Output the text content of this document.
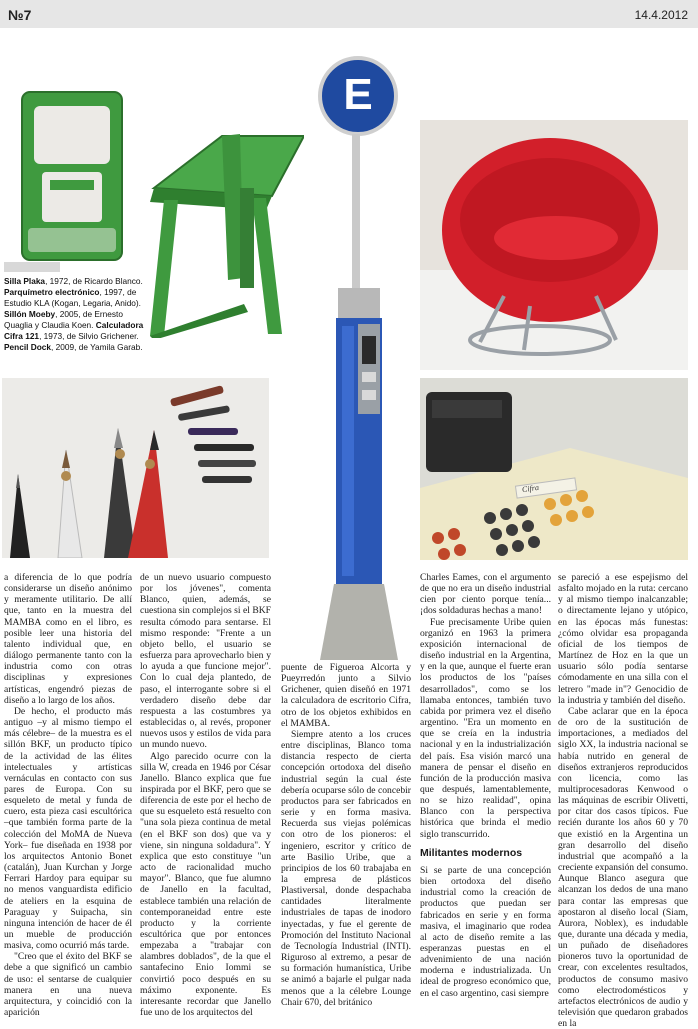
№7	14.4.2012
Silla Plaka, 1972, de Ricardo Blanco. Parquímetro electrónico, 1997, de Estudio KLA (Kogan, Legaria, Anido). Sillón Moeby, 2005, de Ernesto Quaglia y Claudia Koen. Calculadora Cifra 121, 1973, de Silvio Grichener. Pencil Dock, 2009, de Yamila Garab.
E
Cifra

a diferencia de lo que podría considerarse un diseño anónimo y meramente utilitario. De allí que, tanto en la muestra del MAMBA como en el libro, es posible leer una historia del talento individual que, en diálogo permanente tanto con la industria como con otras disciplinas y expresiones artísticas, engendró piezas de diseño a lo largo de los años.

De hecho, el producto más antiguo –y al mismo tiempo el más célebre– de la muestra es el sillón BKF, un producto típico de la actividad de las élites intelectuales y artísticas vernáculas en contacto con sus pares de Europa. Con su esqueleto de metal y funda de cuero, esta pieza casi escultórica –que también forma parte de la colección del MoMA de Nueva York– fue diseñada en 1938 por los arquitectos Antonio Bonet (catalán), Juan Kurchan y Jorge Ferrari Hardoy para equipar su no menos vanguardista edificio de ateliers en la esquina de Paraguay y Suipacha, sin ninguna intención de hacer de él un mueble de producción masiva, como ocurrió más tarde.

"Creo que el éxito del BKF se debe a que significó un cambio de uso: el sentarse de cualquier manera en una nueva arquitectura, y coincidió con la aparición

de un nuevo usuario compuesto por los jóvenes", comenta Blanco, quien, además, se cuestiona sin complejos si el BKF resulta cómodo para sentarse. El mismo responde: "Frente a un objeto bello, el usuario se esfuerza para aprovecharlo bien y lo ayuda a que funcione mejor". Con lo cual deja plantedo, de paso, el interrogante sobre si el verdadero diseño debe dar respuesta a las costumbres ya establecidas o, al revés, proponer nuevos usos y estilos de vida para un mundo nuevo.

Algo parecido ocurre con la silla W, creada en 1946 por César Janello. Blanco explica que fue inspirada por el BKF, pero que se diferencia de este por el hecho de que su esqueleto está resuelto con "una sola pieza continua de metal (en el BKF son dos) que va y viene, sin ninguna soldadura". Y explica que esto constituye "un acto de racionalidad mucho mayor". Blanco, que fue alumno de Janello en la facultad, establece también una relación de contemporaneidad entre este producto y la corriente escultórica que por entonces empezaba a "trabajar con alambres doblados", de la que el santafecino Enio Iommi se convirtió poco después en su máximo exponente. Es interesante recordar que Janello fue uno de los arquitectos del

puente de Figueroa Alcorta y Pueyrredón junto a Silvio Grichener, quien diseñó en 1971 la calculadora de escritorio Cifra, otro de los objetos exhibidos en el MAMBA.

Siempre atento a los cruces entre disciplinas, Blanco toma distancia respecto de cierta concepción ortodoxa del diseño industrial según la cual éste debería ocuparse sólo de concebir productos para ser fabricados en serie y en forma masiva. Recuerda sus viejas polémicas con otro de los pioneros: el ingeniero, escritor y crítico de arte Basilio Uribe, que a principios de los 60 trabajaba en la empresa de plásticos Plastiversal, donde despachaba cantidades literalmente industriales de tapas de inodoro inyectadas, y fue el gerente de Promoción del Instituto Nacional de Tecnología Industrial (INTI). Riguroso al extremo, a pesar de su formación humanística, Uribe se animó a bajarle el pulgar nada menos que a la célebre Lounge Chair 670, del británico

Charles Eames, con el argumento de que no era un diseño industrial cien por ciento porque tenía... ¡dos soldaduras hechas a mano!

Fue precisamente Uribe quien organizó en 1963 la primera exposición internacional de diseño industrial en la Argentina, y en la que, aunque el fuerte eran los productos de los "países desarrollados", como se los llamaba entonces, también tuvo cabida por primera vez el diseño argentino. "Era un momento en que se creía en la industria nacional y en la industrialización del país. Esa visión marcó una manera de pensar el diseño en función de la producción masiva que después, lamentablemente, no se hizo realidad", opina Blanco con la perspectiva histórica que brinda el medio siglo transcurrido.

Militantes modernos

Si se parte de una concepción bien ortodoxa del diseño industrial como la creación de productos que puedan ser fabricados en serie y en forma masiva, el imaginario que rodea al acto de diseño remite a las esperanzas puestas en el advenimiento de una nación moderna e industrializada. Un ideal de progreso económico que, en el caso argentino, casi siempre

se pareció a ese espejismo del asfalto mojado en la ruta: cercano y al mismo tiempo inalcanzable; o directamente lejano y utópico, en las épocas más funestas: ¿cómo olvidar esa propaganda oficial de los tiempos de Martínez de Hoz en la que un usuario sólo podía sentarse cómodamente en una silla con el letrero "made in"? Genocidio de la industria y también del diseño.

Cabe aclarar que en la época de oro de la sustitución de importaciones, a mediados del siglo XX, la industria nacional se había nutrido en general de diseños extranjeros reproducidos con licencia, como las multiprocesadoras Kenwood o las máquinas de escribir Olivetti, por citar dos casos típicos. Fue recién durante los años 60 y 70 que existió en la Argentina un gran desarrollo del diseño industrial que acompañó a la creciente expansión del consumo. Aunque Blanco asegura que alcanzan los dedos de una mano para contar las empresas que apostaron al diseño local (Siam, Aurora, Noblex), es indudable que, durante una década y media, un puñado de diseñadores pioneros tuvo la oportunidad de crear, con excelentes resultados, productos de consumo masivo como electrodomésticos y artefactos electrónicos de audio y televisión que quedaron grabados en la
